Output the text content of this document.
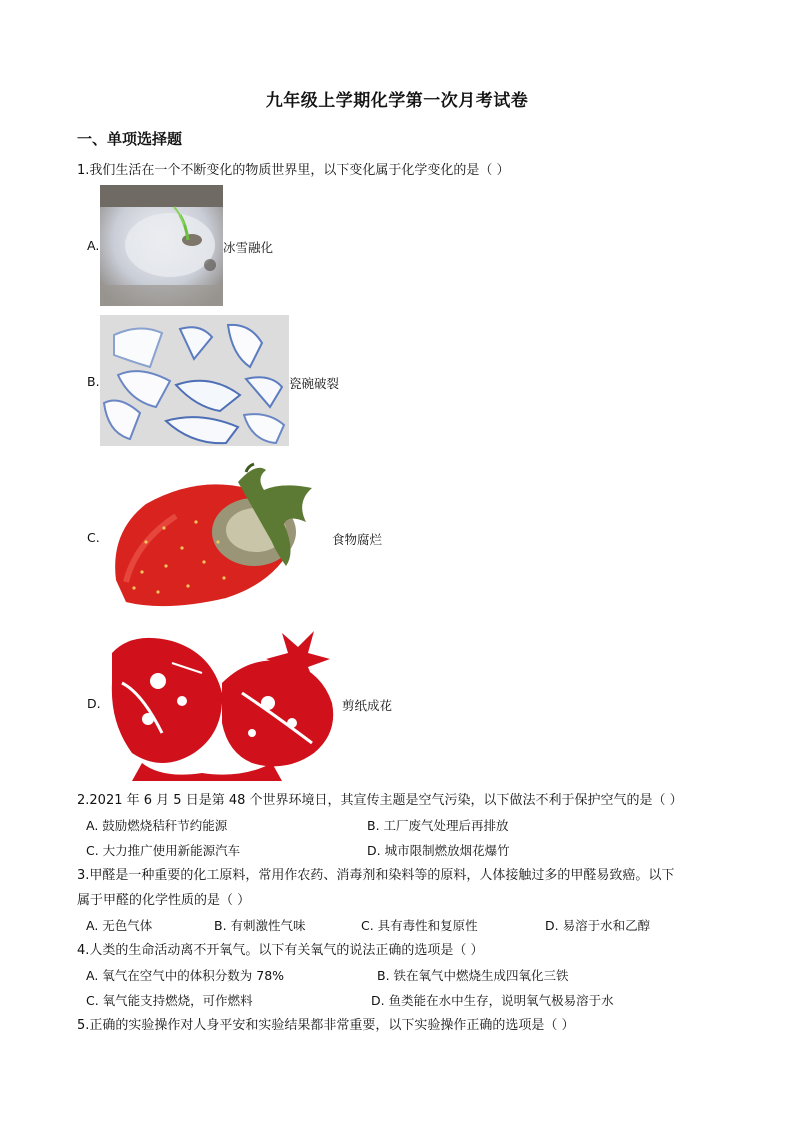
九年级上学期化学第一次月考试卷
一、单项选择题
1.我们生活在一个不断变化的物质世界里，以下变化属于化学变化的是（ ）
A.	冰雪融化
B.	瓷碗破裂
C.	食物腐烂
D.	剪纸成花
2.2021 年 6 月 5 日是第 48 个世界环境日，其宣传主题是空气污染，以下做法不利于保护空气的是（ ）
A. 鼓励燃烧秸秆节约能源	B. 工厂废气处理后再排放
C. 大力推广使用新能源汽车	D. 城市限制燃放烟花爆竹
3.甲醛是一种重要的化工原料，常用作农药、消毒剂和染料等的原料，人体接触过多的甲醛易致癌。以下
属于甲醛的化学性质的是（ ）
A. 无色气体	B. 有刺激性气味	C. 具有毒性和复原性	D. 易溶于水和乙醇
4.人类的生命活动离不开氧气。以下有关氧气的说法正确的选项是（ ）
A. 氧气在空气中的体积分数为 78%	B. 铁在氧气中燃烧生成四氧化三铁
C. 氧气能支持燃烧，可作燃料	D. 鱼类能在水中生存，说明氧气极易溶于水
5.正确的实验操作对人身平安和实验结果都非常重要，以下实验操作正确的选项是（ ）
